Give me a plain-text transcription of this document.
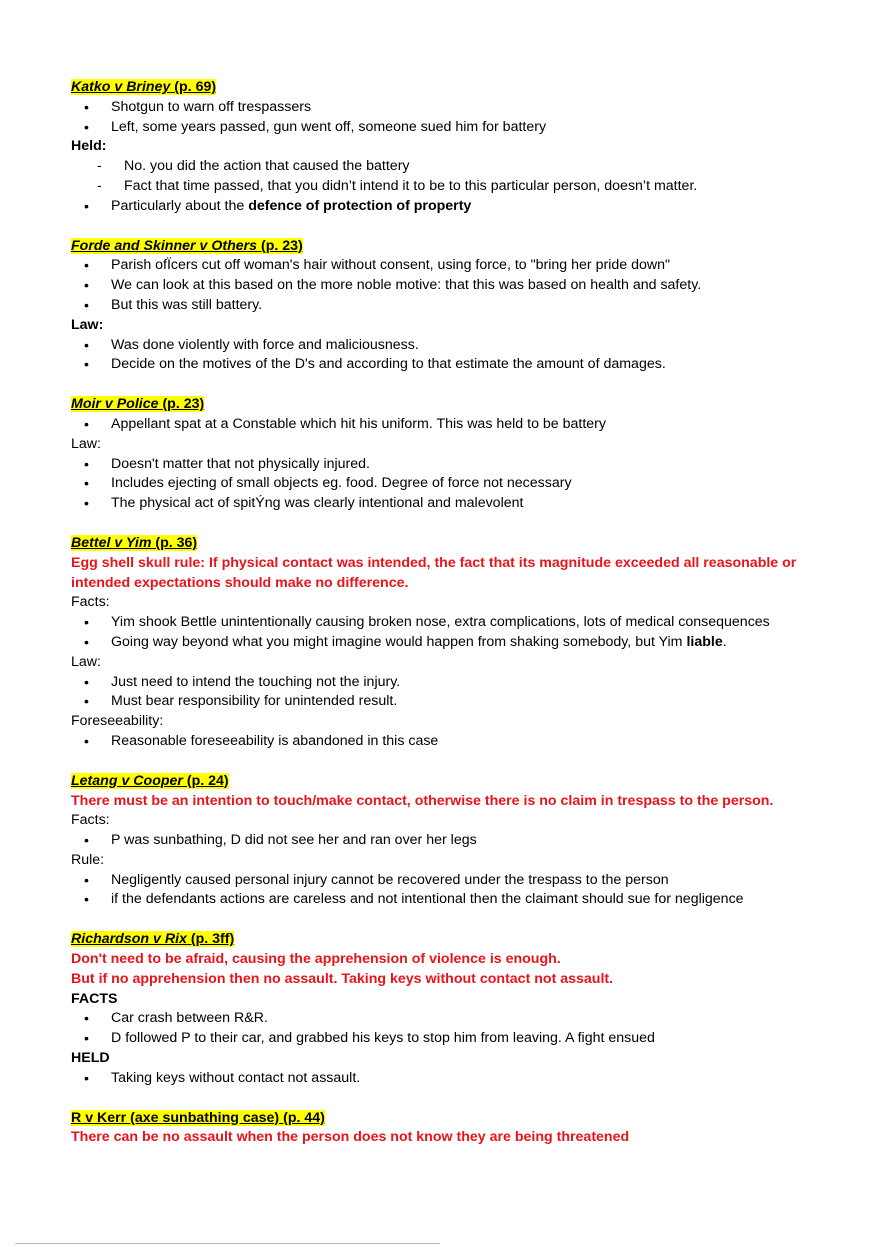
Katko v Briney (p. 69)
• Shotgun to warn off trespassers
• Left, some years passed, gun went off, someone sued him for battery
Held:
- No. you did the action that caused the battery
- Fact that time passed, that you didn’t intend it to be to this particular person, doesn’t matter.
• Particularly about the defence of protection of property
Forde and Skinner v Others (p. 23)
• Parish ofÏcers cut off woman's hair without consent, using force, to "bring her pride down"
• We can look at this based on the more noble motive: that this was based on health and safety.
• But this was still battery.
Law:
• Was done violently with force and maliciousness.
• Decide on the motives of the D's and according to that estimate the amount of damages.
Moir v Police (p. 23)
• Appellant spat at a Constable which hit his uniform. This was held to be battery
Law:
• Doesn't matter that not physically injured.
• Includes ejecting of small objects eg. food. Degree of force not necessary
• The physical act of spitÝng was clearly intentional and malevolent
Bettel v Yim (p. 36)
Egg shell skull rule: If physical contact was intended, the fact that its magnitude exceeded all reasonable or intended expectations should make no difference.
Facts:
• Yim shook Bettle unintentionally causing broken nose, extra complications, lots of medical consequences
• Going way beyond what you might imagine would happen from shaking somebody, but Yim liable.
Law:
• Just need to intend the touching not the injury.
• Must bear responsibility for unintended result.
Foreseeability:
• Reasonable foreseeability is abandoned in this case
Letang v Cooper (p. 24)
There must be an intention to touch/make contact, otherwise there is no claim in trespass to the person.
Facts:
• P was sunbathing, D did not see her and ran over her legs
Rule:
• Negligently caused personal injury cannot be recovered under the trespass to the person
• if the defendants actions are careless and not intentional then the claimant should sue for negligence
Richardson v Rix (p. 3ff)
Don't need to be afraid, causing the apprehension of violence is enough.
But if no apprehension then no assault. Taking keys without contact not assault.
FACTS
• Car crash between R&R.
• D followed P to their car, and grabbed his keys to stop him from leaving. A fight ensued
HELD
• Taking keys without contact not assault.
R v Kerr (axe sunbathing case) (p. 44)
There can be no assault when the person does not know they are being threatened
